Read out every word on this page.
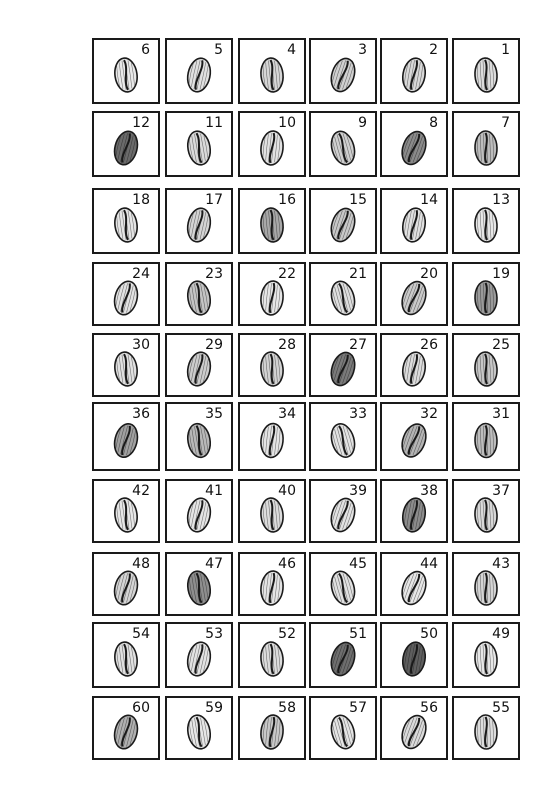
6	5	4	3	2	1
12	11	10	9	8	7
18	17	16	15	14	13
24	23	22	21	20	19
30	29	28	27	26	25
36	35	34	33	32	31
42	41	40	39	38	37
48	47	46	45	44	43
54	53	52	51	50	49
60	59	58	57	56	55
